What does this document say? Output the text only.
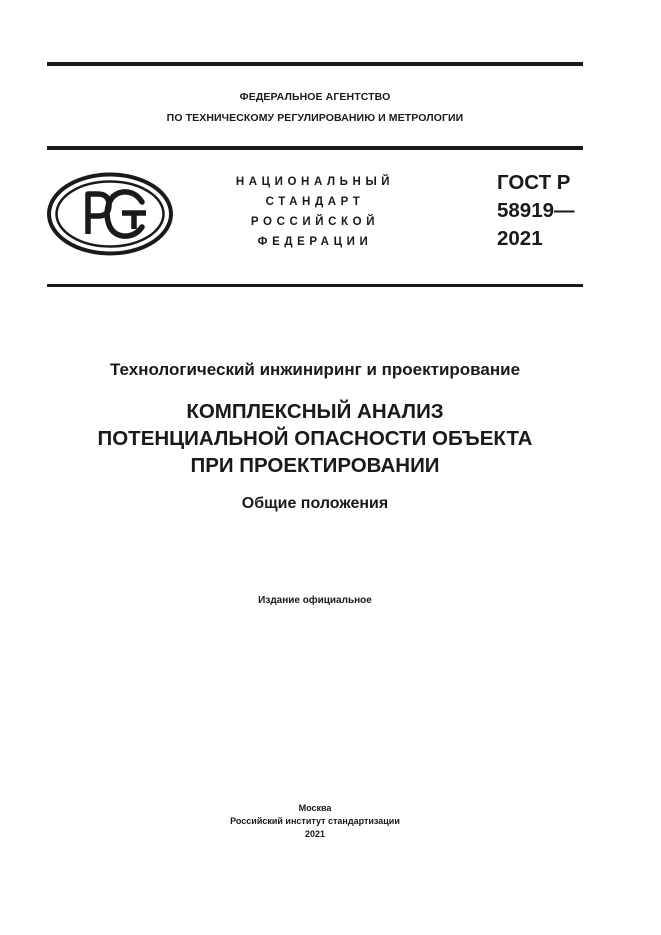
ФЕДЕРАЛЬНОЕ АГЕНТСТВО
ПО ТЕХНИЧЕСКОМУ РЕГУЛИРОВАНИЮ И МЕТРОЛОГИИ
НАЦИОНАЛЬНЫЙ
СТАНДАРТ
РОССИЙСКОЙ
ФЕДЕРАЦИИ
ГОСТ Р
58919—
2021
Технологический инжиниринг и проектирование
КОМПЛЕКСНЫЙ АНАЛИЗ
ПОТЕНЦИАЛЬНОЙ ОПАСНОСТИ ОБЪЕКТА
ПРИ ПРОЕКТИРОВАНИИ
Общие положения
Издание официальное
Москва
Российский институт стандартизации
2021
